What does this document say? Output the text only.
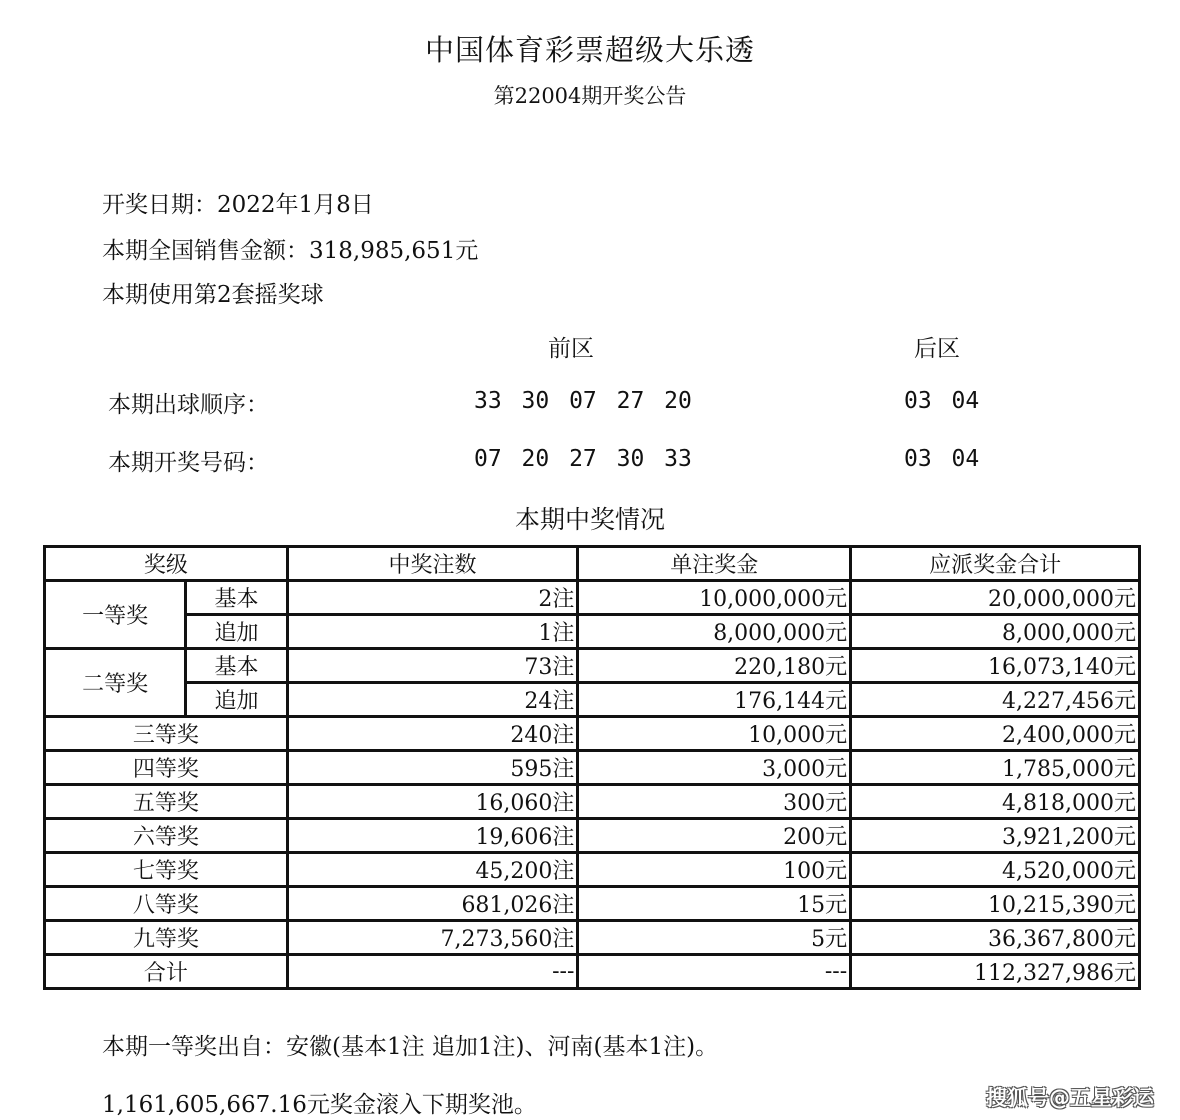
中国体育彩票超级大乐透
第22004期开奖公告
开奖日期：2022年1月8日
本期全国销售金额：318,985,651元
本期使用第2套摇奖球
前区	后区
本期出球顺序：	33 30 07 27 20	03 04
本期开奖号码：	07 20 27 30 33	03 04
本期中奖情况
奖级		中奖注数	单注奖金	应派奖金合计
一等奖	基本	2注	10,000,000元	20,000,000元
	追加	1注	8,000,000元	8,000,000元
二等奖	基本	73注	220,180元	16,073,140元
	追加	24注	176,144元	4,227,456元
三等奖		240注	10,000元	2,400,000元
四等奖		595注	3,000元	1,785,000元
五等奖		16,060注	300元	4,818,000元
六等奖		19,606注	200元	3,921,200元
七等奖		45,200注	100元	4,520,000元
八等奖		681,026注	15元	10,215,390元
九等奖		7,273,560注	5元	36,367,800元
合计		---	---	112,327,986元
本期一等奖出自：安徽(基本1注 追加1注)、河南(基本1注)。
1,161,605,667.16元奖金滚入下期奖池。	搜狐号@五星彩运
